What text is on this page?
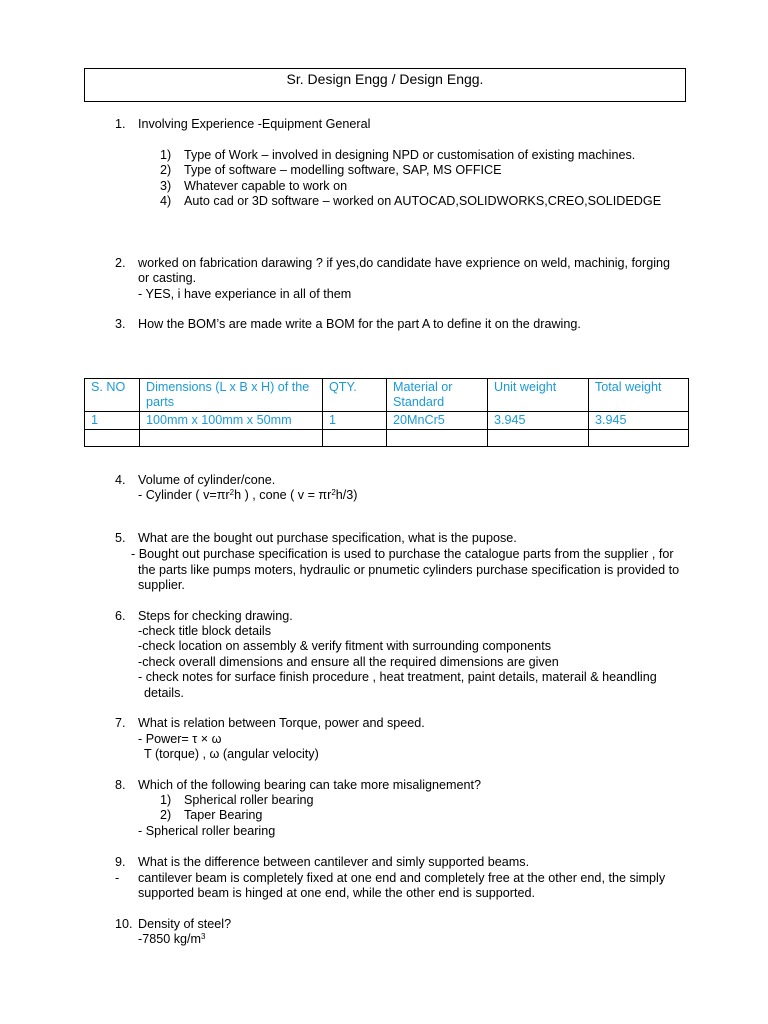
Sr. Design Engg / Design Engg.
1. Involving Experience -Equipment General
1) Type of Work – involved in designing NPD or customisation of existing machines.
2) Type of software – modelling software, SAP, MS OFFICE
3) Whatever capable to work on
4) Auto cad or 3D software – worked on AUTOCAD,SOLIDWORKS,CREO,SOLIDEDGE
2. worked on fabrication darawing ? if yes,do candidate have exprience on weld, machinig, forging
or casting.
- YES, i have experiance in all of them
3. How the BOM’s are made write a BOM for the part A to define it on the drawing.
S. NO	Dimensions (L x B x H) of the parts	QTY.	Material or Standard	Unit weight	Total weight
1	100mm x 100mm x 50mm	1	20MnCr5	3.945	3.945

4. Volume of cylinder/cone.
- Cylinder ( $v=\pi r^2h$ ) , cone ( $v = \pi r^2h/3$)
5. What are the bought out purchase specification, what is the pupose.
- Bought out purchase specification is used to purchase the catalogue parts from the supplier , for
the parts like pumps moters, hydraulic or pnumetic cylinders purchase specification is provided to
supplier.
6. Steps for checking drawing.
-check title block details
-check location on assembly & verify fitment with surrounding components
-check overall dimensions and ensure all the required dimensions are given
- check notes for surface finish procedure , heat treatment, paint details, materail & heandling
details.
7. What is relation between Torque, power and speed.
- Power= τ × ω
T (torque) , ω (angular velocity)
8. Which of the following bearing can take more misalignement?
1) Spherical roller bearing
2) Taper Bearing
- Spherical roller bearing
9. What is the difference between cantilever and simly supported beams.
- cantilever beam is completely fixed at one end and completely free at the other end, the simply
supported beam is hinged at one end, while the other end is supported.
10. Density of steel?
-7850 $kg/m^3$
